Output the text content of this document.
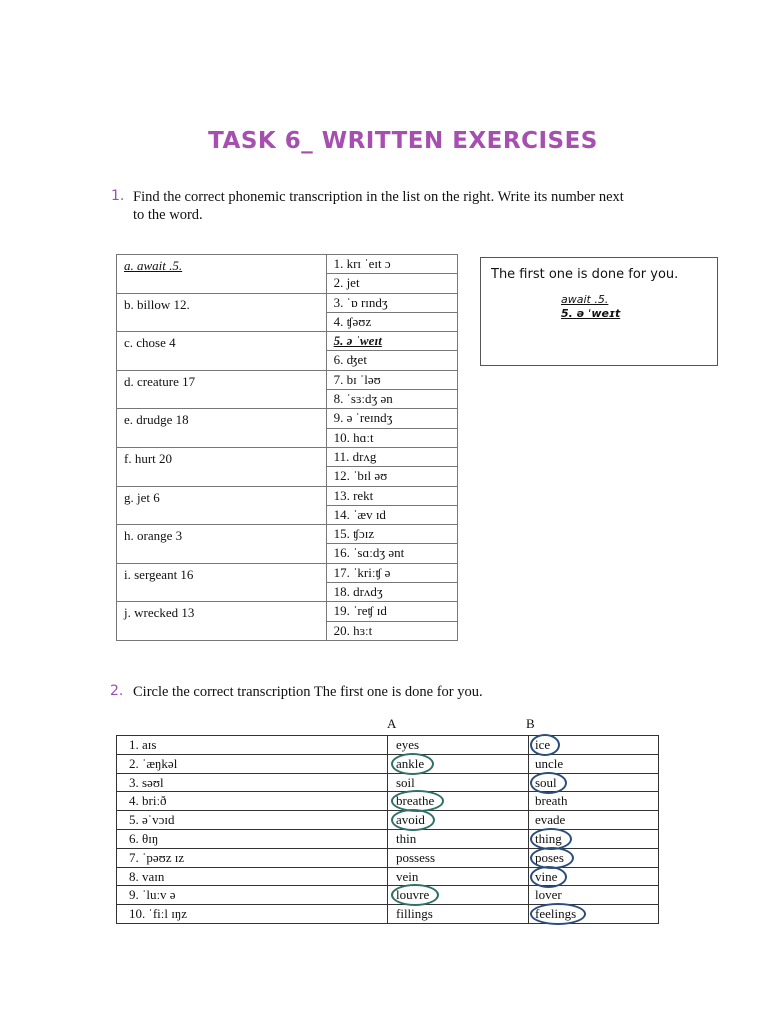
TASK 6_ WRITTEN EXERCISES
1. Find the correct phonemic transcription in the list on the right. Write its number next
to the word.
a. await .5.	1. krɪ ˈeɪt ɔ
	2. jet
b. billow 12.	3. ˈɒ rɪndʒ
	4. ʧəʊz
c. chose 4	5. ə ˈweɪt
	6. ʤet
d. creature 17	7. bɪ ˈləʊ
	8. ˈsɜːdʒ ən
e. drudge 18	9. ə ˈreɪndʒ
	10. hɑːt
f. hurt 20	11. drʌg
	12. ˈbɪl əʊ
g. jet 6	13. rekt
	14. ˈæv ɪd
h. orange 3	15. ʧɔɪz
	16. ˈsɑːdʒ ənt
i. sergeant 16	17. ˈkriːʧ ə
	18. drʌdʒ
j. wrecked 13	19. ˈreʧ ɪd
	20. hɜːt
The first one is done for you.
await .5.
5. ə ˈweɪt
2. Circle the correct transcription The first one is done for you.
A	B
1. aɪs	eyes	ice
2. ˈæŋkəl	ankle	uncle
3. səʊl	soil	soul
4. briːð	breathe	breath
5. əˈvɔɪd	avoid	evade
6. θɪŋ	thin	thing
7. ˈpəʊz ɪz	possess	poses
8. vaɪn	vein	vine
9. ˈluːv ə	louvre	lover
10. ˈfiːl ɪŋz	fillings	feelings
